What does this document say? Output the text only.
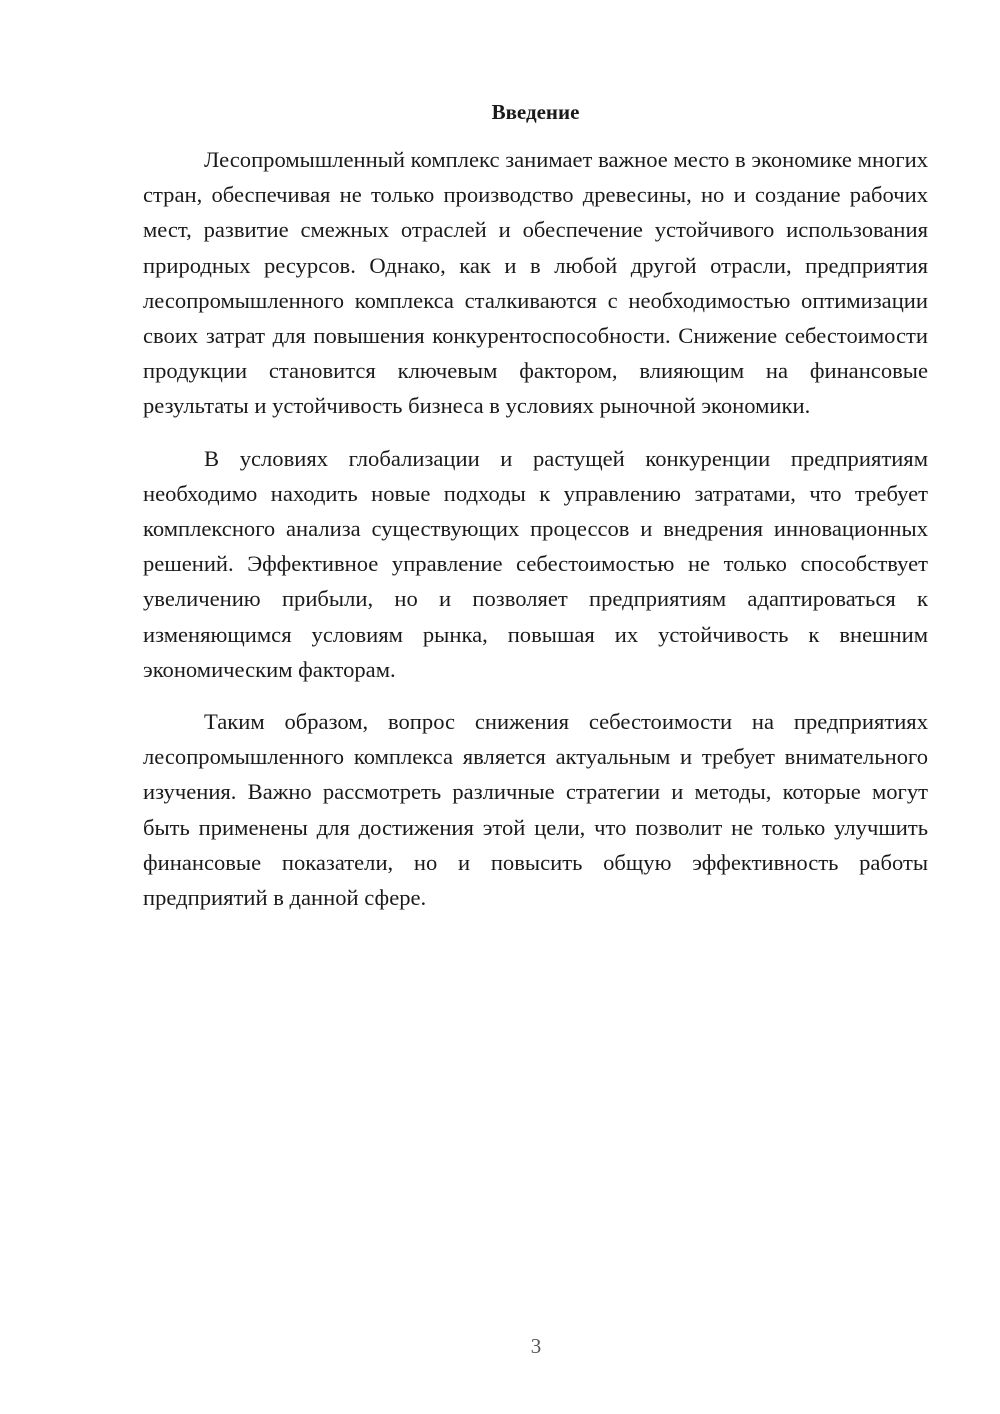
Введение

Лесопромышленный комплекс занимает важное место в экономике многих стран, обеспечивая не только производство древесины, но и создание рабочих мест, развитие смежных отраслей и обеспечение устойчивого использования природных ресурсов. Однако, как и в любой другой отрасли, предприятия лесопромышленного комплекса сталкиваются с необходимостью оптимизации своих затрат для повышения конкурентоспособности. Снижение себестоимости продукции становится ключевым фактором, влияющим на финансовые результаты и устойчивость бизнеса в условиях рыночной экономики.

В условиях глобализации и растущей конкуренции предприятиям необходимо находить новые подходы к управлению затратами, что требует комплексного анализа существующих процессов и внедрения инновационных решений. Эффективное управление себестоимостью не только способствует увеличению прибыли, но и позволяет предприятиям адаптироваться к изменяющимся условиям рынка, повышая их устойчивость к внешним экономическим факторам.

Таким образом, вопрос снижения себестоимости на предприятиях лесопромышленного комплекса является актуальным и требует внимательного изучения. Важно рассмотреть различные стратегии и методы, которые могут быть применены для достижения этой цели, что позволит не только улучшить финансовые показатели, но и повысить общую эффективность работы предприятий в данной сфере.

3
